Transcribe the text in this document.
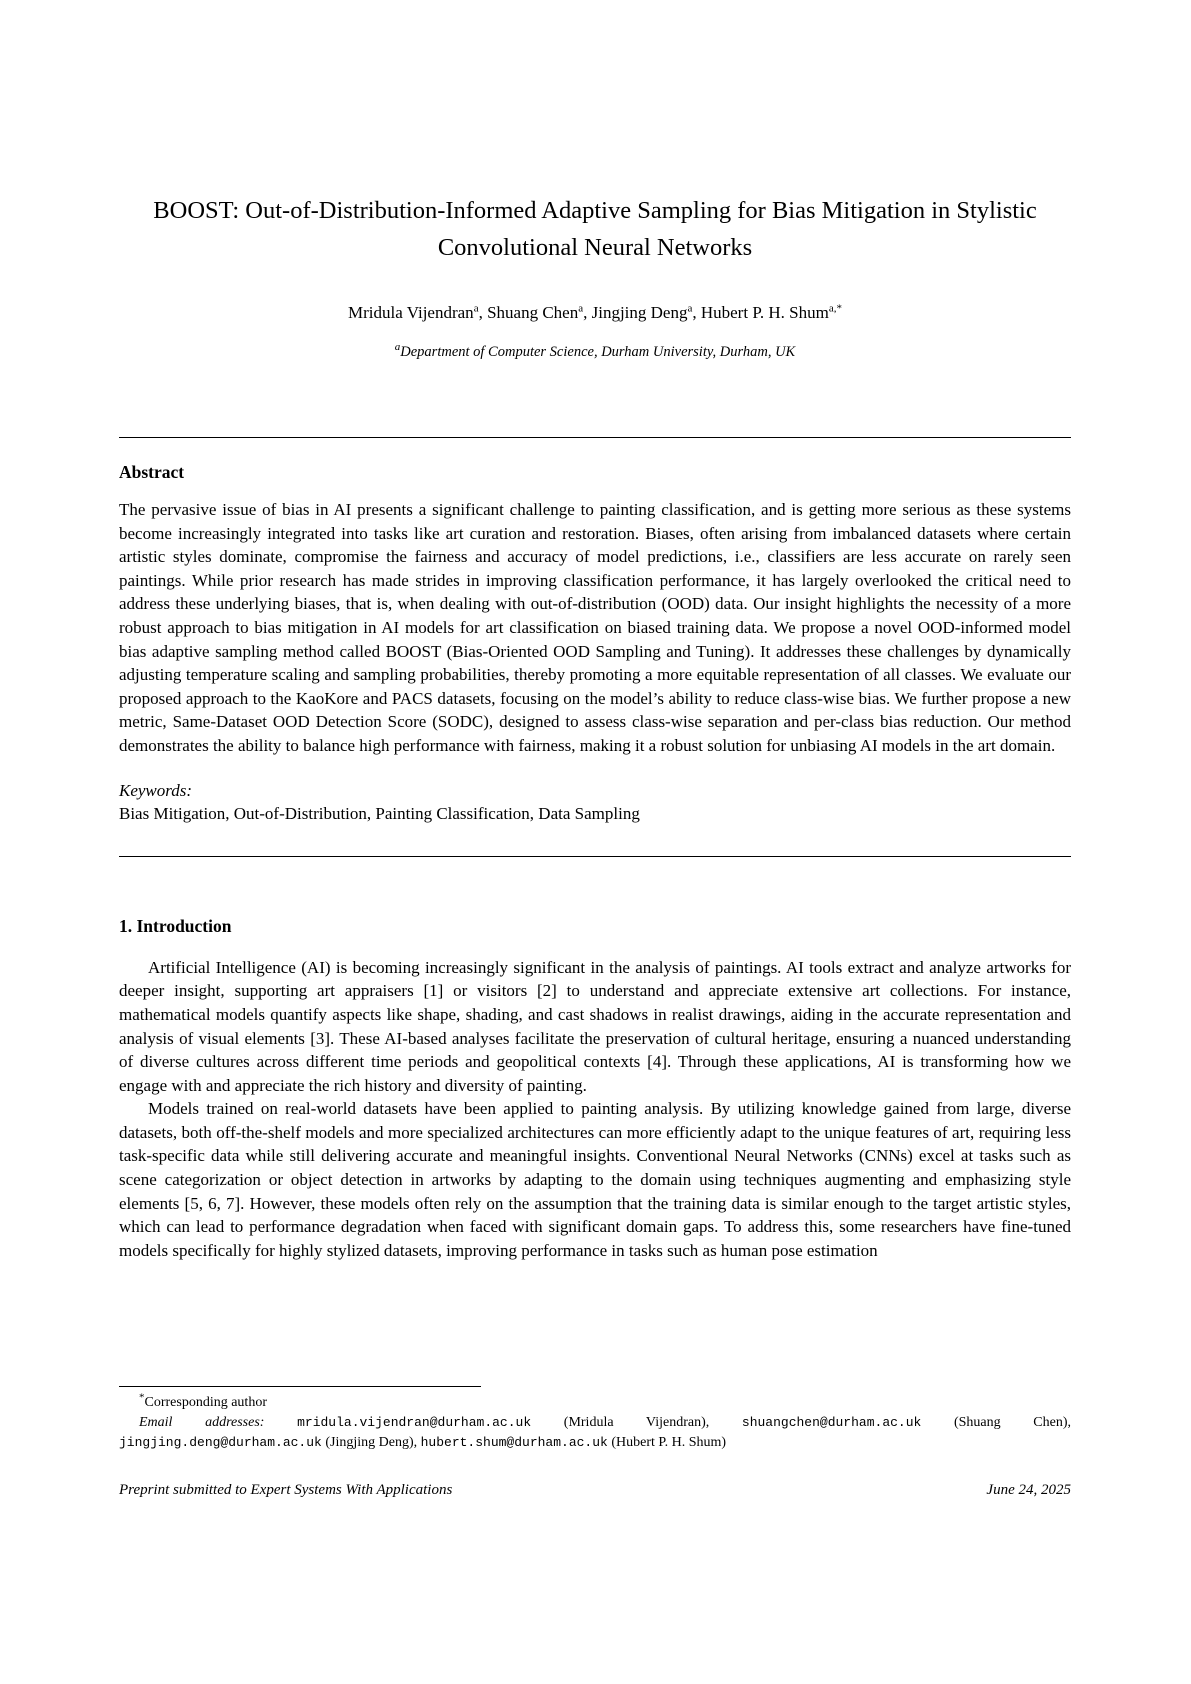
BOOST: Out-of-Distribution-Informed Adaptive Sampling for Bias Mitigation in Stylistic Convolutional Neural Networks
Mridula Vijendran$^a$, Shuang Chen$^a$, Jingjing Deng$^a$, Hubert P. H. Shum$^{a,*}$
$^a$Department of Computer Science, Durham University, Durham, UK
Abstract

The pervasive issue of bias in AI presents a significant challenge to painting classification, and is getting more serious as these systems become increasingly integrated into tasks like art curation and restoration. Biases, often arising from imbalanced datasets where certain artistic styles dominate, compromise the fairness and accuracy of model predictions, i.e., classifiers are less accurate on rarely seen paintings. While prior research has made strides in improving classification performance, it has largely overlooked the critical need to address these underlying biases, that is, when dealing with out-of-distribution (OOD) data. Our insight highlights the necessity of a more robust approach to bias mitigation in AI models for art classification on biased training data. We propose a novel OOD-informed model bias adaptive sampling method called BOOST (Bias-Oriented OOD Sampling and Tuning). It addresses these challenges by dynamically adjusting temperature scaling and sampling probabilities, thereby promoting a more equitable representation of all classes. We evaluate our proposed approach to the KaoKore and PACS datasets, focusing on the model’s ability to reduce class-wise bias. We further propose a new metric, Same-Dataset OOD Detection Score (SODC), designed to assess class-wise separation and per-class bias reduction. Our method demonstrates the ability to balance high performance with fairness, making it a robust solution for unbiasing AI models in the art domain.

Keywords:

Bias Mitigation, Out-of-Distribution, Painting Classification, Data Sampling

1. Introduction

Artificial Intelligence (AI) is becoming increasingly significant in the analysis of paintings. AI tools extract and analyze artworks for deeper insight, supporting art appraisers [1] or visitors [2] to understand and appreciate extensive art collections. For instance, mathematical models quantify aspects like shape, shading, and cast shadows in realist drawings, aiding in the accurate representation and analysis of visual elements [3]. These AI-based analyses facilitate the preservation of cultural heritage, ensuring a nuanced understanding of diverse cultures across different time periods and geopolitical contexts [4]. Through these applications, AI is transforming how we engage with and appreciate the rich history and diversity of painting.

Models trained on real-world datasets have been applied to painting analysis. By utilizing knowledge gained from large, diverse datasets, both off-the-shelf models and more specialized architectures can more efficiently adapt to the unique features of art, requiring less task-specific data while still delivering accurate and meaningful insights. Conventional Neural Networks (CNNs) excel at tasks such as scene categorization or object detection in artworks by adapting to the domain using techniques augmenting and emphasizing style elements [5, 6, 7]. However, these models often rely on the assumption that the training data is similar enough to the target artistic styles, which can lead to performance degradation when faced with significant domain gaps. To address this, some researchers have fine-tuned models specifically for highly stylized datasets, improving performance in tasks such as human pose estimation

*Corresponding author

Email addresses:	mridula.vijendran@durham.ac.uk (Mridula Vijendran), shuangchen@durham.ac.uk (Shuang Chen), jingjing.deng@durham.ac.uk (Jingjing Deng), hubert.shum@durham.ac.uk (Hubert P. H. Shum)

Preprint submitted to Expert Systems With Applications	June 24, 2025
